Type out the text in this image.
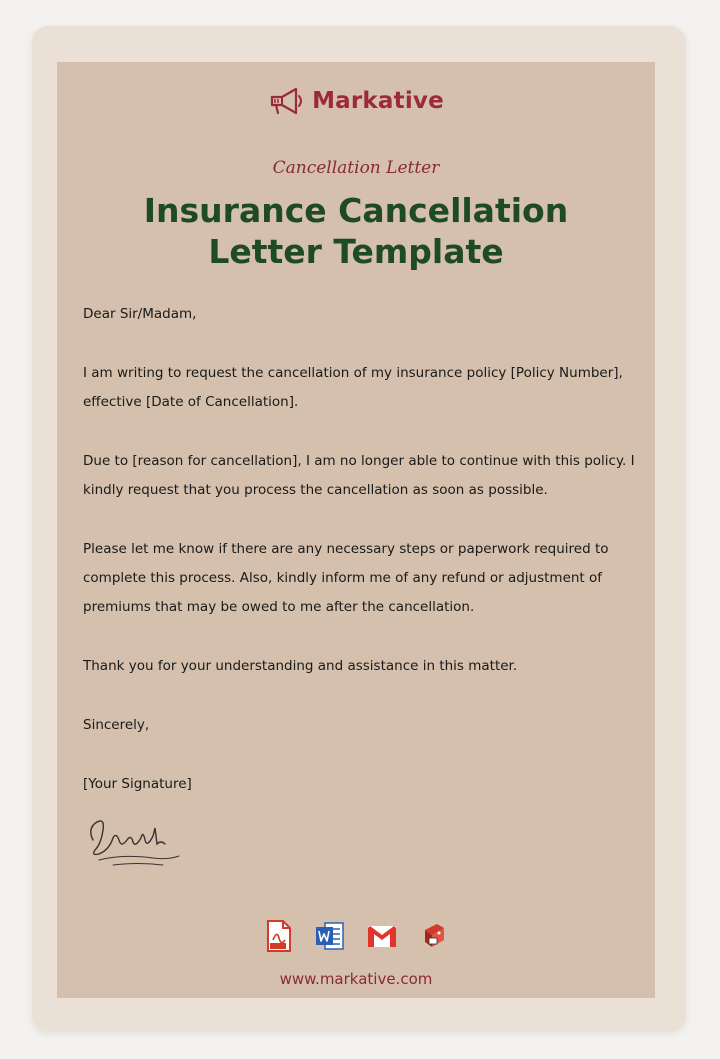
Markative
Cancellation Letter
Insurance Cancellation
Letter Template

Dear Sir/Madam,

I am writing to request the cancellation of my insurance policy [Policy Number], effective [Date of Cancellation].

Due to [reason for cancellation], I am no longer able to continue with this policy. I kindly request that you process the cancellation as soon as possible.

Please let me know if there are any necessary steps or paperwork required to complete this process. Also, kindly inform me of any refund or adjustment of premiums that may be owed to me after the cancellation.

Thank you for your understanding and assistance in this matter.

Sincerely,

[Your Signature]

www.markative.com
